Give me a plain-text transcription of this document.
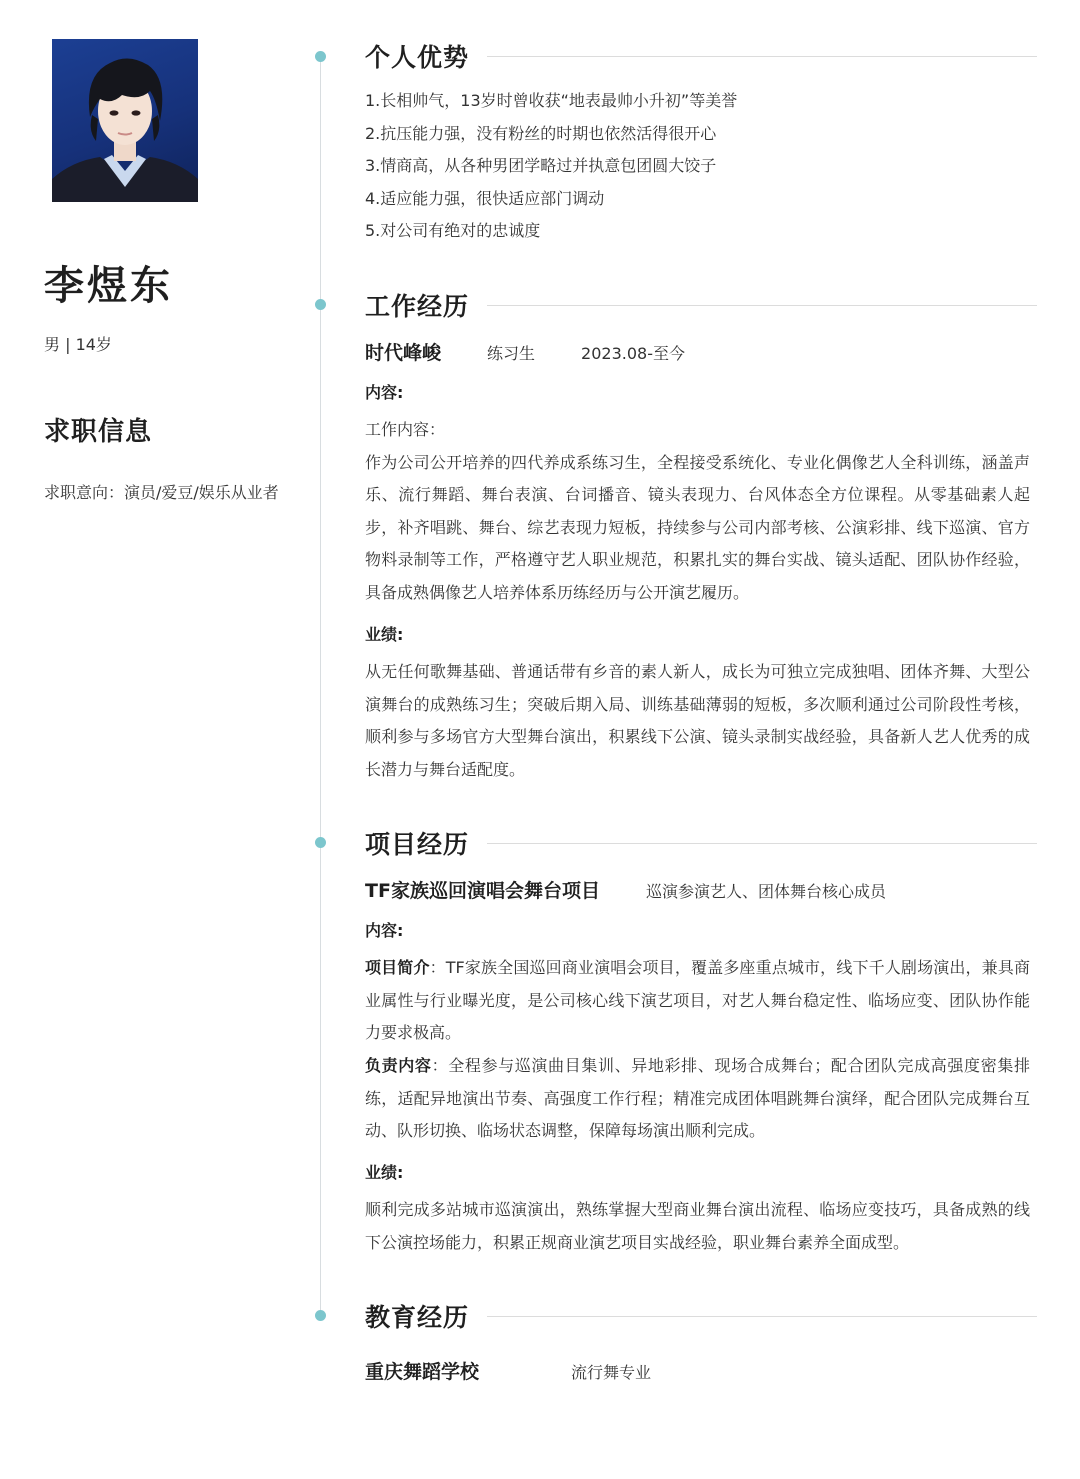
李煜东
男 | 14岁
求职信息
求职意向：演员/爱豆/娱乐从业者
个人优势
1.长相帅气，13岁时曾收获“地表最帅小升初”等美誉
2.抗压能力强，没有粉丝的时期也依然活得很开心
3.情商高，从各种男团学略过并执意包团圆大饺子
4.适应能力强，很快适应部门调动
5.对公司有绝对的忠诚度
工作经历
时代峰峻	练习生	2023.08-至今
内容:
工作内容：
作为公司公开培养的四代养成系练习生，全程接受系统化、专业化偶像艺人全科训练，涵盖声乐、流行舞蹈、舞台表演、台词播音、镜头表现力、台风体态全方位课程。从零基础素人起步，补齐唱跳、舞台、综艺表现力短板，持续参与公司内部考核、公演彩排、线下巡演、官方物料录制等工作，严格遵守艺人职业规范，积累扎实的舞台实战、镜头适配、团队协作经验，具备成熟偶像艺人培养体系历练经历与公开演艺履历。
业绩:
从无任何歌舞基础、普通话带有乡音的素人新人，成长为可独立完成独唱、团体齐舞、大型公演舞台的成熟练习生；突破后期入局、训练基础薄弱的短板，多次顺利通过公司阶段性考核，顺利参与多场官方大型舞台演出，积累线下公演、镜头录制实战经验，具备新人艺人优秀的成长潜力与舞台适配度。
项目经历
TF家族巡回演唱会舞台项目	巡演参演艺人、团体舞台核心成员
内容:
项目简介：TF家族全国巡回商业演唱会项目，覆盖多座重点城市，线下千人剧场演出，兼具商业属性与行业曝光度，是公司核心线下演艺项目，对艺人舞台稳定性、临场应变、团队协作能力要求极高。
负责内容：全程参与巡演曲目集训、异地彩排、现场合成舞台；配合团队完成高强度密集排练，适配异地演出节奏、高强度工作行程；精准完成团体唱跳舞台演绎，配合团队完成舞台互动、队形切换、临场状态调整，保障每场演出顺利完成。
业绩:
顺利完成多站城市巡演演出，熟练掌握大型商业舞台演出流程、临场应变技巧，具备成熟的线下公演控场能力，积累正规商业演艺项目实战经验，职业舞台素养全面成型。
教育经历
重庆舞蹈学校	流行舞专业
